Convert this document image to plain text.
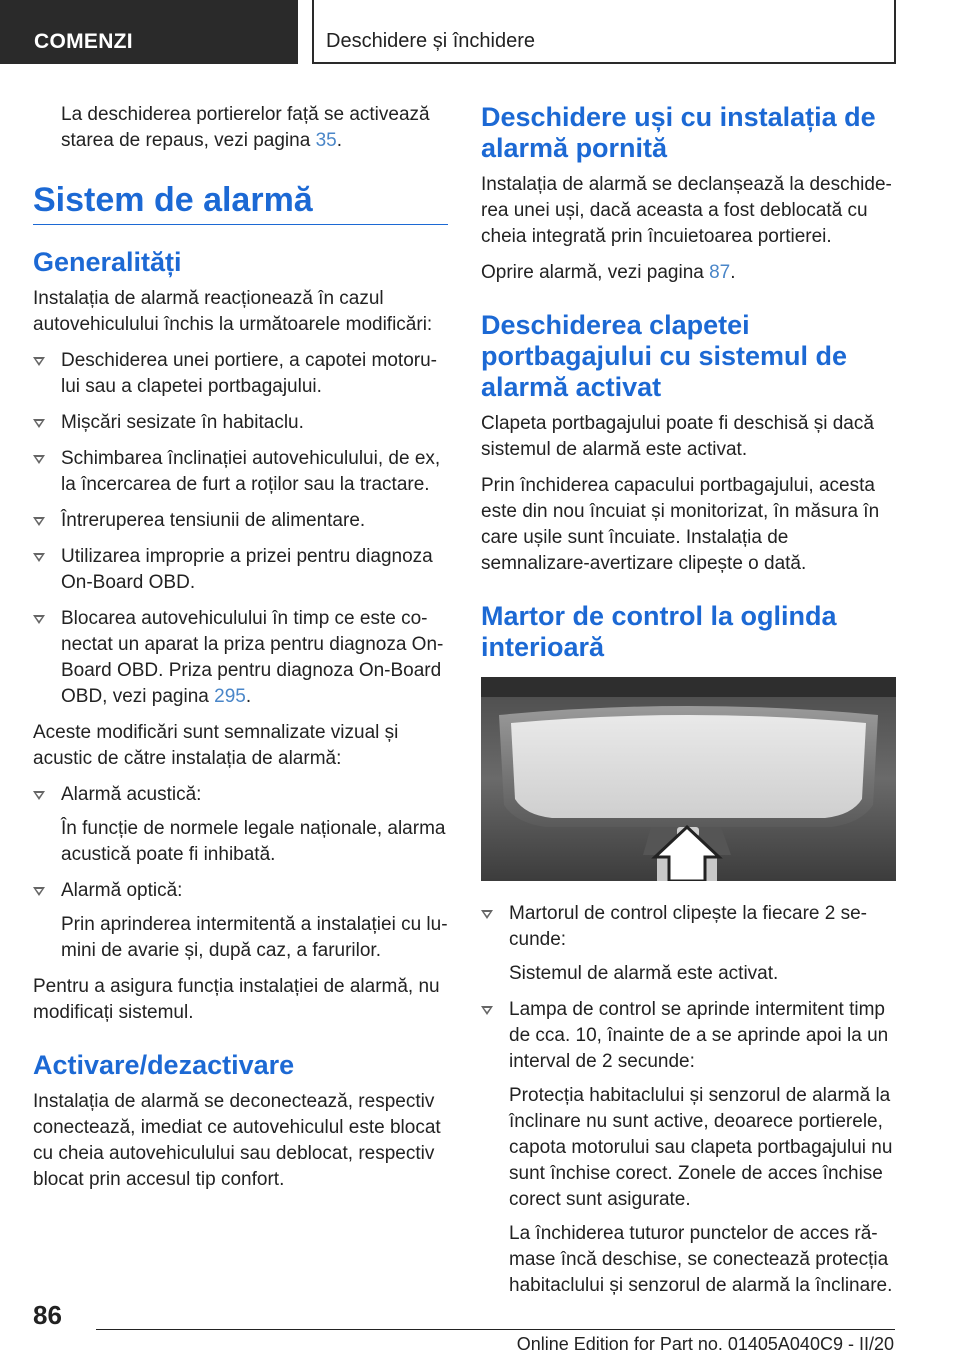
COMENZI	Deschidere și închidere

La deschiderea portierelor față se activează starea de repaus, vezi pagina 35.

Sistem de alarmă
Generalități

Instalația de alarmă reacționează în cazul autovehiculului închis la următoarele modificări:

Deschiderea unei portiere, a capotei motorului sau a clapetei portbagajului.
Mișcări sesizate în habitaclu.
Schimbarea înclinației autovehiculului, de ex, la încercarea de furt a roților sau la tractare.
Întreruperea tensiunii de alimentare.
Utilizarea improprie a prizei pentru diagnoza On-Board OBD.
Blocarea autovehiculului în timp ce este conectat un aparat la priza pentru diagnoza On-Board OBD. Priza pentru diagnoza On-Board OBD, vezi pagina 295.

Aceste modificări sunt semnalizate vizual și acustic de către instalația de alarmă:

Alarmă acustică:
În funcție de normele legale naționale, alarma acustică poate fi inhibată.
Alarmă optică:
Prin aprinderea intermitentă a instalației cu lumini de avarie și, după caz, a farurilor.

Pentru a asigura funcția instalației de alarmă, nu modificați sistemul.

Activare/dezactivare

Instalația de alarmă se deconectează, respectiv conectează, imediat ce autovehiculul este blocat cu cheia autovehiculului sau deblocat, respectiv blocat prin accesul tip confort.

Deschidere uși cu instalația de alarmă pornită

Instalația de alarmă se declanșează la deschiderea unei uși, dacă aceasta a fost deblocată cu cheia integrată prin încuietoarea portierei.

Oprire alarmă, vezi pagina 87.

Deschiderea clapetei portbagajului cu sistemul de alarmă activat

Clapeta portbagajului poate fi deschisă și dacă sistemul de alarmă este activat.

Prin închiderea capacului portbagajului, acesta este din nou încuiat și monitorizat, în măsura în care ușile sunt încuiate. Instalația de semnalizare-avertizare clipește o dată.

Martor de control la oglinda interioară
Martorul de control clipește la fiecare 2 secunde:
Sistemul de alarmă este activat.
Lampa de control se aprinde intermitent timp de cca. 10, înainte de a se aprinde apoi la un interval de 2 secunde:
Protecția habitaclului și senzorul de alarmă la înclinare nu sunt active, deoarece portierele, capota motorului sau clapeta portbagajului nu sunt închise corect. Zonele de acces închise corect sunt asigurate.
La închiderea tuturor punctelor de acces rămase încă deschise, se conectează protecția habitaclului și senzorul de alarmă la înclinare.
86
Online Edition for Part no. 01405A040C9 - II/20
